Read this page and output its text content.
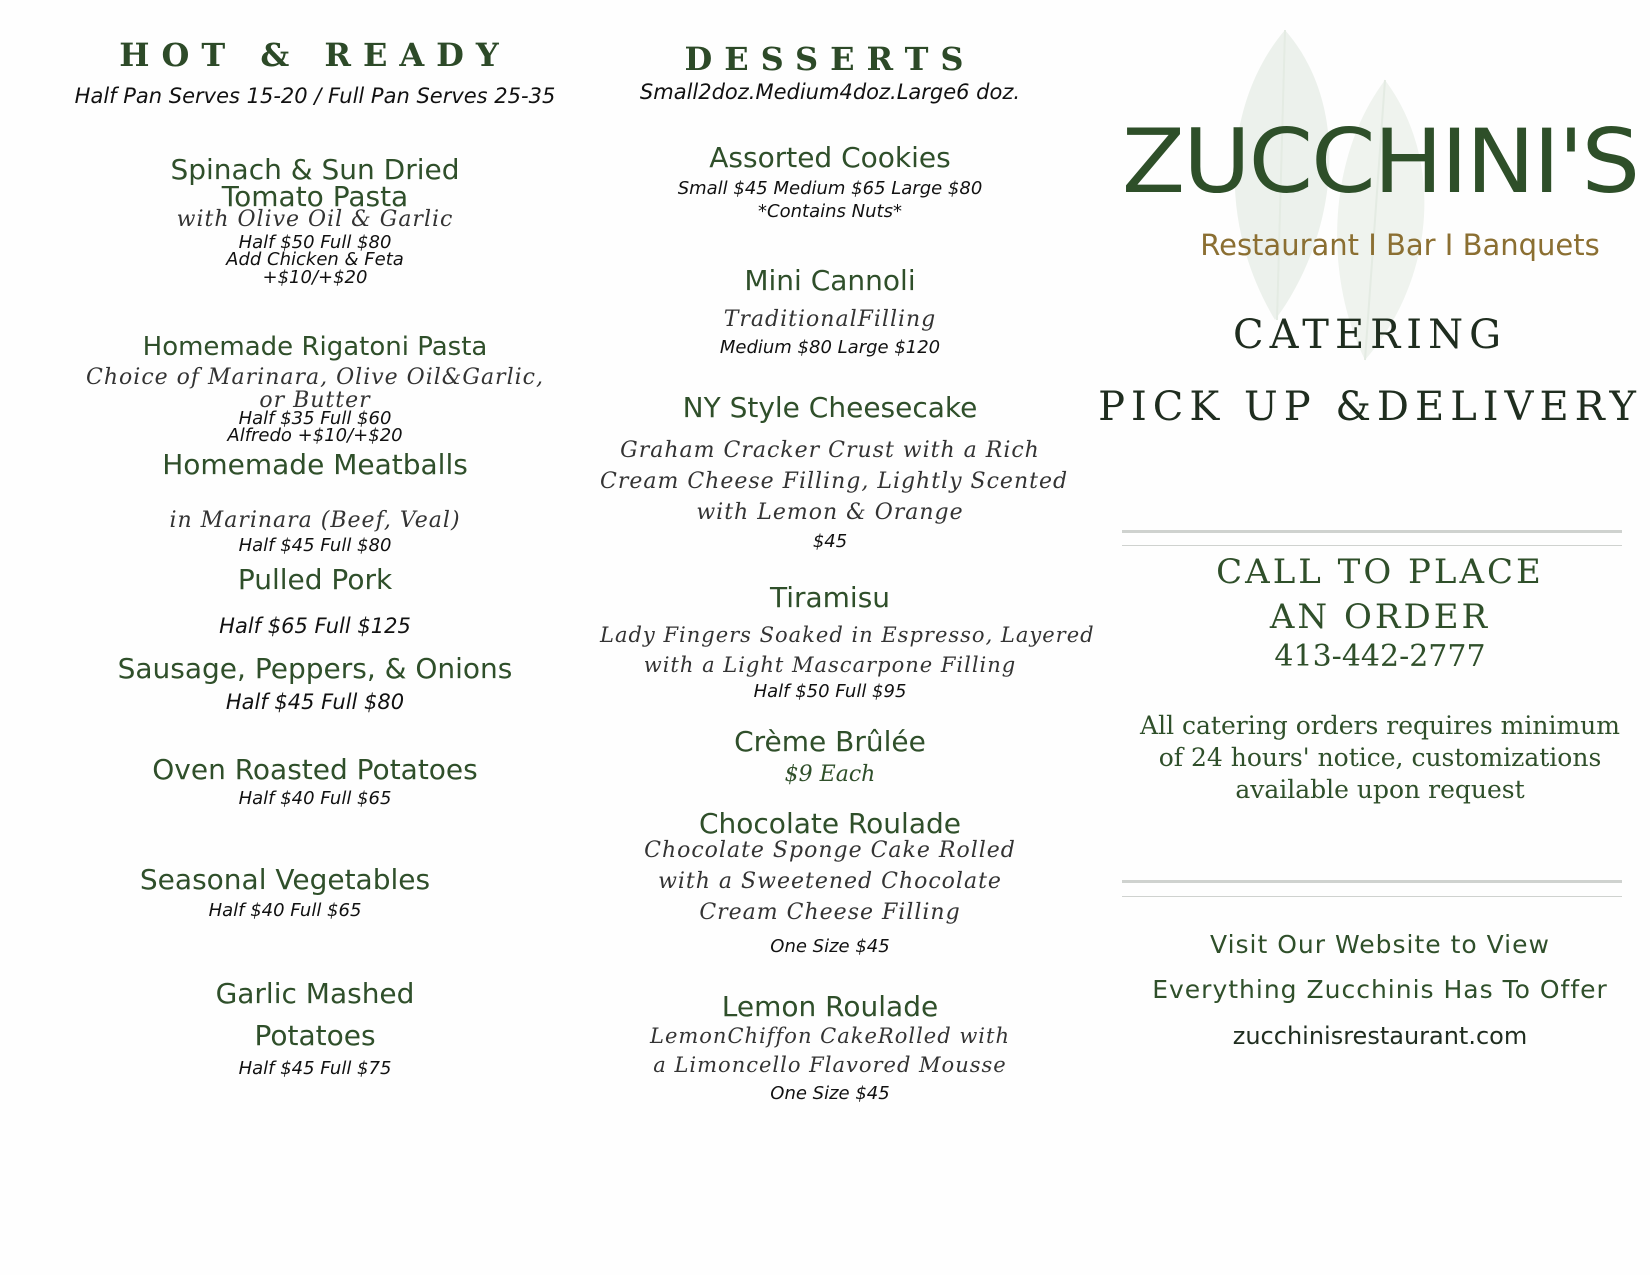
HOT & READY
Half Pan Serves 15-20 / Full Pan Serves 25-35
Spinach & Sun Dried
Tomato Pasta
with Olive Oil & Garlic
Half $50 Full $80
Add Chicken & Feta
+$10/+$20
Homemade Rigatoni Pasta
Choice of Marinara, Olive Oil&Garlic,
or Butter
Half $35 Full $60
Alfredo +$10/+$20
Homemade Meatballs
in Marinara (Beef, Veal)
Half $45 Full $80
Pulled Pork
Half $65 Full $125
Sausage, Peppers, & Onions
Half $45 Full $80
Oven Roasted Potatoes
Half $40 Full $65
Seasonal Vegetables
Half $40 Full $65
Garlic Mashed
Potatoes
Half $45 Full $75
DESSERTS
Small2doz.Medium4doz.Large6 doz.
Assorted Cookies
Small $45 Medium $65 Large $80
*Contains Nuts*
Mini Cannoli
TraditionalFilling
Medium $80 Large $120
NY Style Cheesecake
Graham Cracker Crust with a Rich
Cream Cheese Filling, Lightly Scented
with Lemon & Orange
$45
Tiramisu
Lady Fingers Soaked in Espresso, Layered
with a Light Mascarpone Filling
Half $50 Full $95
Crème Brûlée
$9 Each
Chocolate Roulade
Chocolate Sponge Cake Rolled
with a Sweetened Chocolate
Cream Cheese Filling
One Size $45
Lemon Roulade
LemonChiffon CakeRolled with
a Limoncello Flavored Mousse
One Size $45
ZUCCHINI'S
Restaurant I Bar I Banquets
CATERING
PICK UP &DELIVERY
CALL TO PLACE
AN ORDER
413-442-2777
All catering orders requires minimum
of 24 hours' notice, customizations
available upon request
Visit Our Website to View
Everything Zucchinis Has To Offer
zucchinisrestaurant.com
